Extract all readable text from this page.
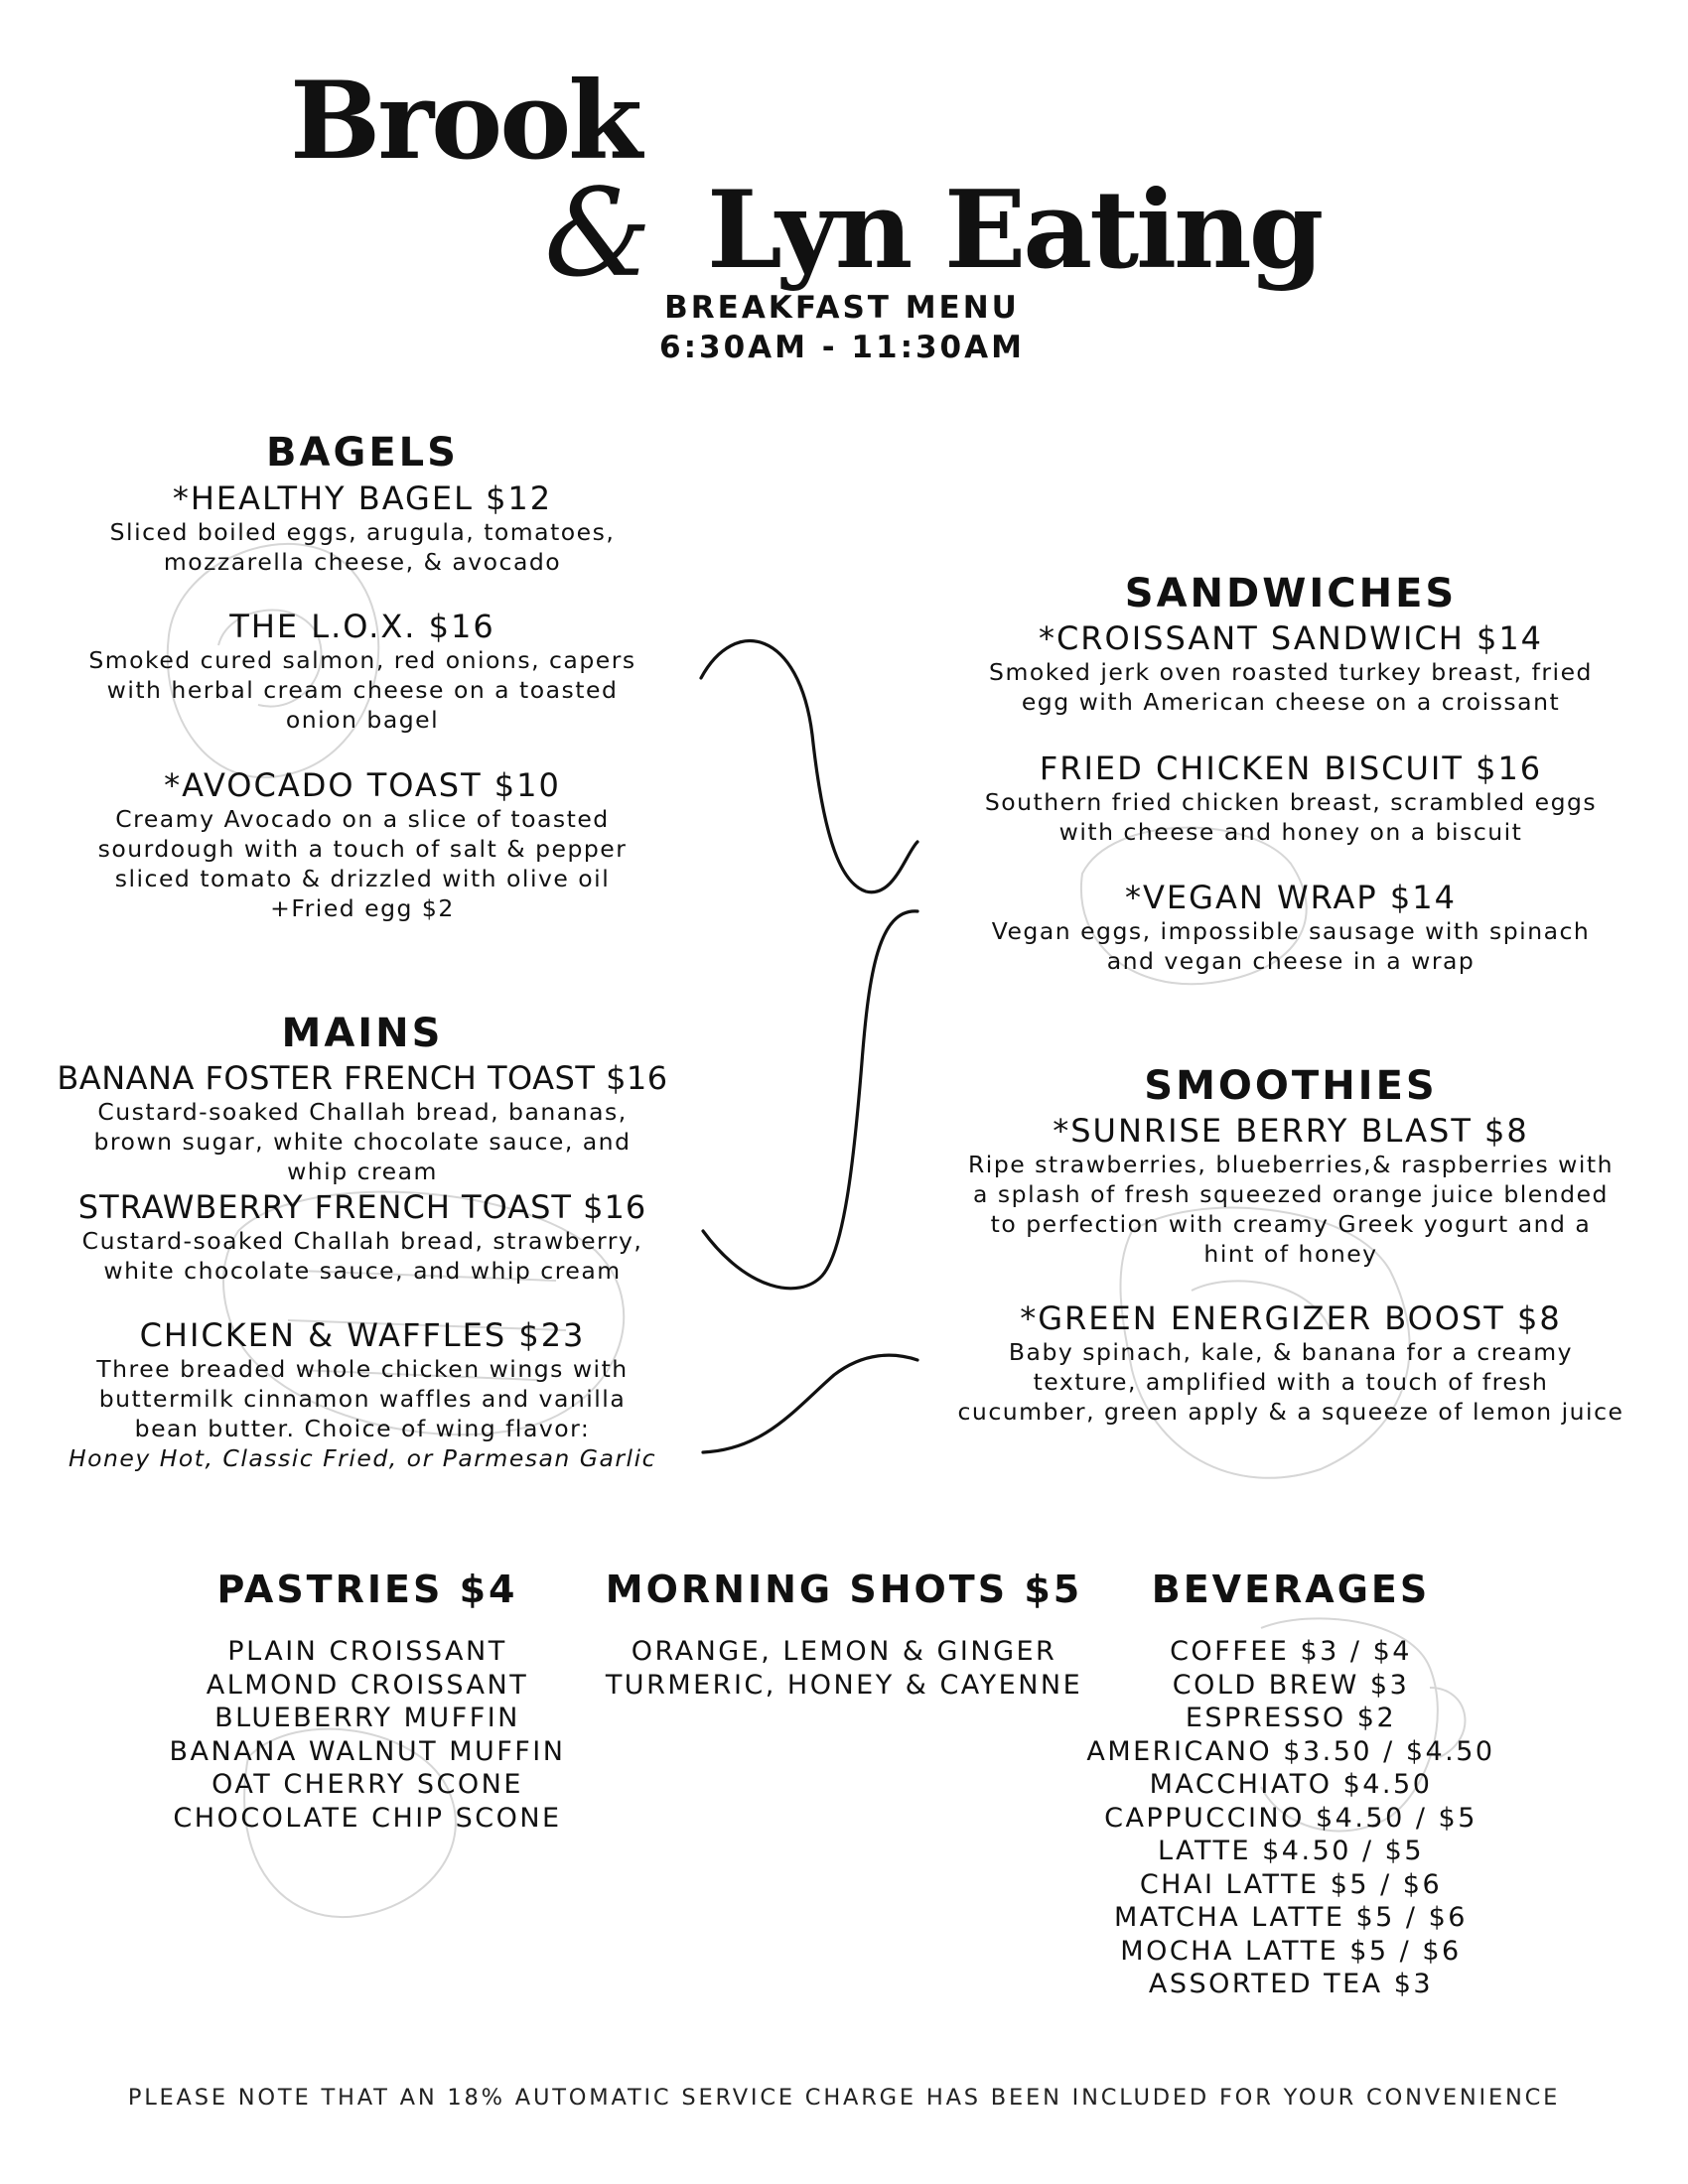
Brook
& Lyn Eating
BREAKFAST MENU
6:30AM - 11:30AM
BAGELS
*HEALTHY BAGEL $12
Sliced boiled eggs, arugula, tomatoes,
mozzarella cheese, & avocado
THE L.O.X. $16
Smoked cured salmon, red onions, capers
with herbal cream cheese on a toasted
onion bagel
*AVOCADO TOAST $10
Creamy Avocado on a slice of toasted
sourdough with a touch of salt & pepper
sliced tomato & drizzled with olive oil
+Fried egg $2
MAINS
BANANA FOSTER FRENCH TOAST $16
Custard-soaked Challah bread, bananas,
brown sugar, white chocolate sauce, and
whip cream
STRAWBERRY FRENCH TOAST $16
Custard-soaked Challah bread, strawberry,
white chocolate sauce, and whip cream
CHICKEN & WAFFLES $23
Three breaded whole chicken wings with
buttermilk cinnamon waffles and vanilla
bean butter. Choice of wing flavor:
Honey Hot, Classic Fried, or Parmesan Garlic
SANDWICHES
*CROISSANT SANDWICH $14
Smoked jerk oven roasted turkey breast, fried
egg with American cheese on a croissant
FRIED CHICKEN BISCUIT $16
Southern fried chicken breast, scrambled eggs
with cheese and honey on a biscuit
*VEGAN WRAP $14
Vegan eggs, impossible sausage with spinach
and vegan cheese in a wrap
SMOOTHIES
*SUNRISE BERRY BLAST $8
Ripe strawberries, blueberries,& raspberries with
a splash of fresh squeezed orange juice blended
to perfection with creamy Greek yogurt and a
hint of honey
*GREEN ENERGIZER BOOST $8
Baby spinach, kale, & banana for a creamy
texture, amplified with a touch of fresh
cucumber, green apply & a squeeze of lemon juice
PASTRIES $4
PLAIN CROISSANT
ALMOND CROISSANT
BLUEBERRY MUFFIN
BANANA WALNUT MUFFIN
OAT CHERRY SCONE
CHOCOLATE CHIP SCONE
MORNING SHOTS $5
ORANGE, LEMON & GINGER
TURMERIC, HONEY & CAYENNE
BEVERAGES
COFFEE $3 / $4
COLD BREW $3
ESPRESSO $2
AMERICANO $3.50 / $4.50
MACCHIATO $4.50
CAPPUCCINO $4.50 / $5
LATTE $4.50 / $5
CHAI LATTE $5 / $6
MATCHA LATTE $5 / $6
MOCHA LATTE $5 / $6
ASSORTED TEA $3
PLEASE NOTE THAT AN 18% AUTOMATIC SERVICE CHARGE HAS BEEN INCLUDED FOR YOUR CONVENIENCE
